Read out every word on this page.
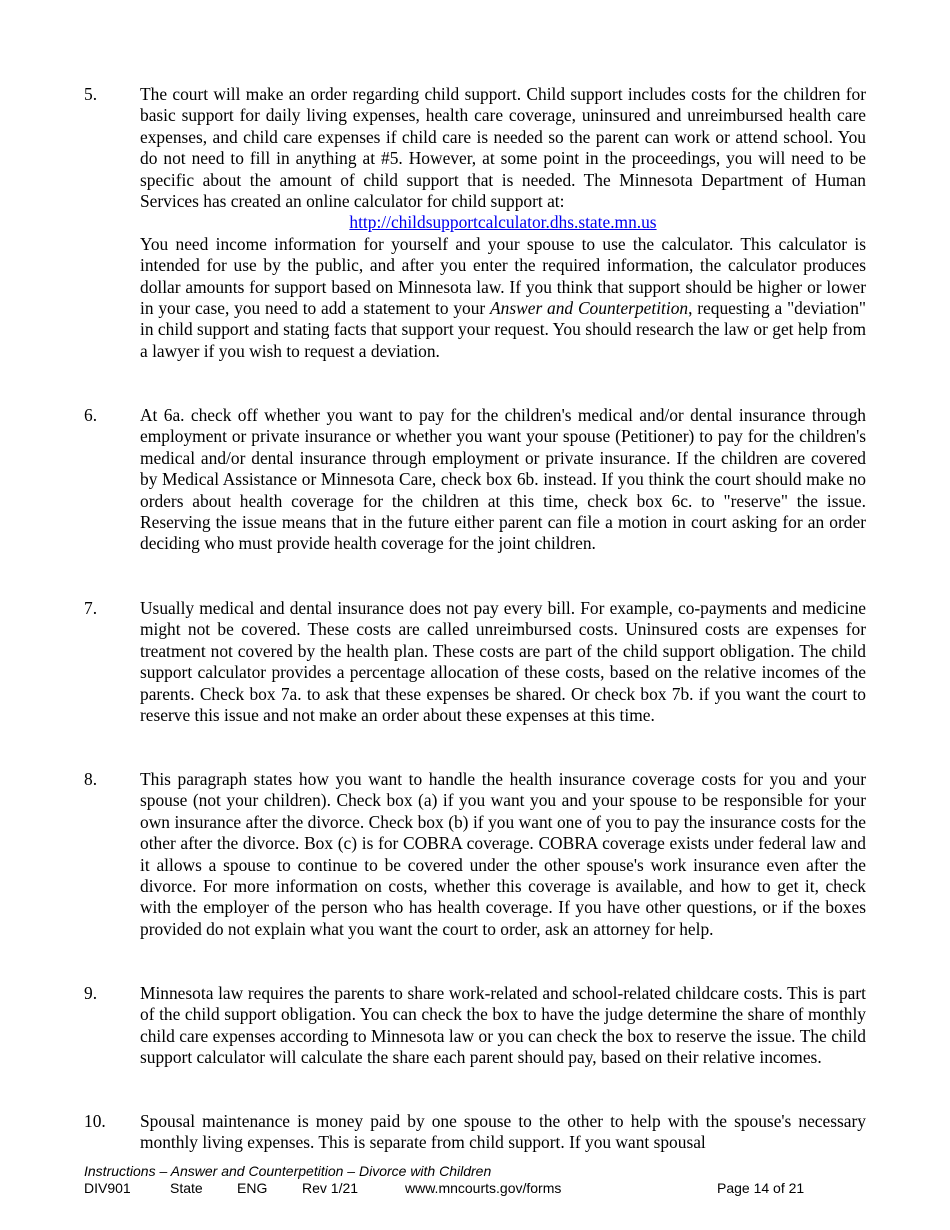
5.	The court will make an order regarding child support. Child support includes costs for the children for basic support for daily living expenses, health care coverage, uninsured and unreimbursed health care expenses, and child care expenses if child care is needed so the parent can work or attend school. You do not need to fill in anything at #5. However, at some point in the proceedings, you will need to be specific about the amount of child support that is needed. The Minnesota Department of Human Services has created an online calculator for child support at:

http://childsupportcalculator.dhs.state.mn.us

You need income information for yourself and your spouse to use the calculator. This calculator is intended for use by the public, and after you enter the required information, the calculator produces dollar amounts for support based on Minnesota law. If you think that support should be higher or lower in your case, you need to add a statement to your Answer and Counterpetition, requesting a "deviation" in child support and stating facts that support your request. You should research the law or get help from a lawyer if you wish to request a deviation.

6.	At 6a. check off whether you want to pay for the children's medical and/or dental insurance through employment or private insurance or whether you want your spouse (Petitioner) to pay for the children's medical and/or dental insurance through employment or private insurance. If the children are covered by Medical Assistance or Minnesota Care, check box 6b. instead. If you think the court should make no orders about health coverage for the children at this time, check box 6c. to "reserve" the issue. Reserving the issue means that in the future either parent can file a motion in court asking for an order deciding who must provide health coverage for the joint children.

7.	Usually medical and dental insurance does not pay every bill. For example, co-payments and medicine might not be covered. These costs are called unreimbursed costs. Uninsured costs are expenses for treatment not covered by the health plan. These costs are part of the child support obligation. The child support calculator provides a percentage allocation of these costs, based on the relative incomes of the parents. Check box 7a. to ask that these expenses be shared. Or check box 7b. if you want the court to reserve this issue and not make an order about these expenses at this time.

8.	This paragraph states how you want to handle the health insurance coverage costs for you and your spouse (not your children). Check box (a) if you want you and your spouse to be responsible for your own insurance after the divorce. Check box (b) if you want one of you to pay the insurance costs for the other after the divorce. Box (c) is for COBRA coverage. COBRA coverage exists under federal law and it allows a spouse to continue to be covered under the other spouse's work insurance even after the divorce. For more information on costs, whether this coverage is available, and how to get it, check with the employer of the person who has health coverage. If you have other questions, or if the boxes provided do not explain what you want the court to order, ask an attorney for help.

9.	Minnesota law requires the parents to share work-related and school-related childcare costs. This is part of the child support obligation. You can check the box to have the judge determine the share of monthly child care expenses according to Minnesota law or you can check the box to reserve the issue. The child support calculator will calculate the share each parent should pay, based on their relative incomes.

10.	Spousal maintenance is money paid by one spouse to the other to help with the spouse's necessary monthly living expenses. This is separate from child support. If you want spousal

Instructions – Answer and Counterpetition – Divorce with Children
DIV901	State ENG Rev 1/21	www.mncourts.gov/forms	Page 14 of 21
